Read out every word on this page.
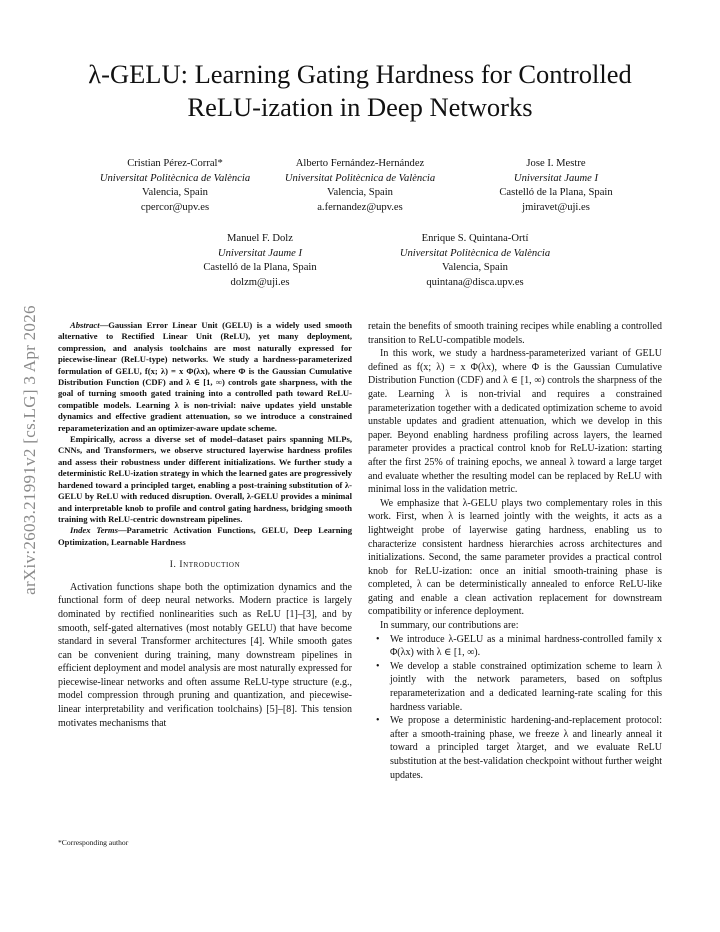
arXiv:2603.21991v2 [cs.LG] 3 Apr 2026
λ-GELU: Learning Gating Hardness for Controlled
ReLU-ization in Deep Networks
Cristian Pérez-Corral*
Universitat Politècnica de València
Valencia, Spain
cpercor@upv.es
Alberto Fernández-Hernández
Universitat Politècnica de València
Valencia, Spain
a.fernandez@upv.es
Jose I. Mestre
Universitat Jaume I
Castelló de la Plana, Spain
jmiravet@uji.es
Manuel F. Dolz
Universitat Jaume I
Castelló de la Plana, Spain
dolzm@uji.es
Enrique S. Quintana-Ortí
Universitat Politècnica de València
Valencia, Spain
quintana@disca.upv.es

Abstract—Gaussian Error Linear Unit (GELU) is a widely used smooth alternative to Rectified Linear Unit (ReLU), yet many deployment, compression, and analysis toolchains are most naturally expressed for piecewise-linear (ReLU-type) networks. We study a hardness-parameterized formulation of GELU, f(x; λ) = x Φ(λx), where Φ is the Gaussian Cumulative Distribution Function (CDF) and λ ∈ [1, ∞) controls gate sharpness, with the goal of turning smooth gated training into a controlled path toward ReLU-compatible models. Learning λ is non-trivial: naive updates yield unstable dynamics and effective gradient attenuation, so we introduce a constrained reparameterization and an optimizer-aware update scheme.

Empirically, across a diverse set of model–dataset pairs spanning MLPs, CNNs, and Transformers, we observe structured layerwise hardness profiles and assess their robustness under different initializations. We further study a deterministic ReLU-ization strategy in which the learned gates are progressively hardened toward a principled target, enabling a post-training substitution of λ-GELU by ReLU with reduced disruption. Overall, λ-GELU provides a minimal and interpretable knob to profile and control gating hardness, bridging smooth training with ReLU-centric downstream pipelines.

Index Terms—Parametric Activation Functions, GELU, Deep Learning Optimization, Learnable Hardness

I. Introduction

Activation functions shape both the optimization dynamics and the functional form of deep neural networks. Modern practice is largely dominated by rectified nonlinearities such as ReLU [1]–[3], and by smooth, self-gated alternatives (most notably GELU) that have become standard in several Transformer architectures [4]. While smooth gates can be convenient during training, many downstream pipelines in efficient deployment and model analysis are most naturally expressed for piecewise-linear networks and often assume ReLU-type structure (e.g., model compression through pruning and quantization, and piecewise-linear interpretability and verification toolchains) [5]–[8]. This tension motivates mechanisms that

retain the benefits of smooth training recipes while enabling a controlled transition to ReLU-compatible models.

In this work, we study a hardness-parameterized variant of GELU defined as f(x; λ) = x Φ(λx), where Φ is the Gaussian Cumulative Distribution Function (CDF) and λ ∈ [1, ∞) controls the sharpness of the gate. Learning λ is non-trivial and requires a constrained parameterization together with a dedicated optimization scheme to avoid unstable updates and gradient attenuation, which we develop in this paper. Beyond enabling hardness profiling across layers, the learned parameter provides a practical control knob for ReLU-ization: starting after the first 25% of training epochs, we anneal λ toward a large target and evaluate whether the resulting model can be replaced by ReLU with minimal loss in the validation metric.

We emphasize that λ-GELU plays two complementary roles in this work. First, when λ is learned jointly with the weights, it acts as a lightweight probe of layerwise gating hardness, enabling us to characterize consistent hardness hierarchies across architectures and initializations. Second, the same parameter provides a practical control knob for ReLU-ization: once an initial smooth-training phase is completed, λ can be deterministically annealed to enforce ReLU-like gating and enable a clean activation replacement for downstream compatibility or inference deployment.

In summary, our contributions are:

• We introduce λ-GELU as a minimal hardness-controlled family x Φ(λx) with λ ∈ [1, ∞).
• We develop a stable constrained optimization scheme to learn λ jointly with the network parameters, based on softplus reparameterization and a dedicated learning-rate scaling for this hardness variable.
• We propose a deterministic hardening-and-replacement protocol: after a smooth-training phase, we freeze λ and linearly anneal it toward a principled target λtarget, and we evaluate ReLU substitution at the best-validation checkpoint without further weight updates.
*Corresponding author
